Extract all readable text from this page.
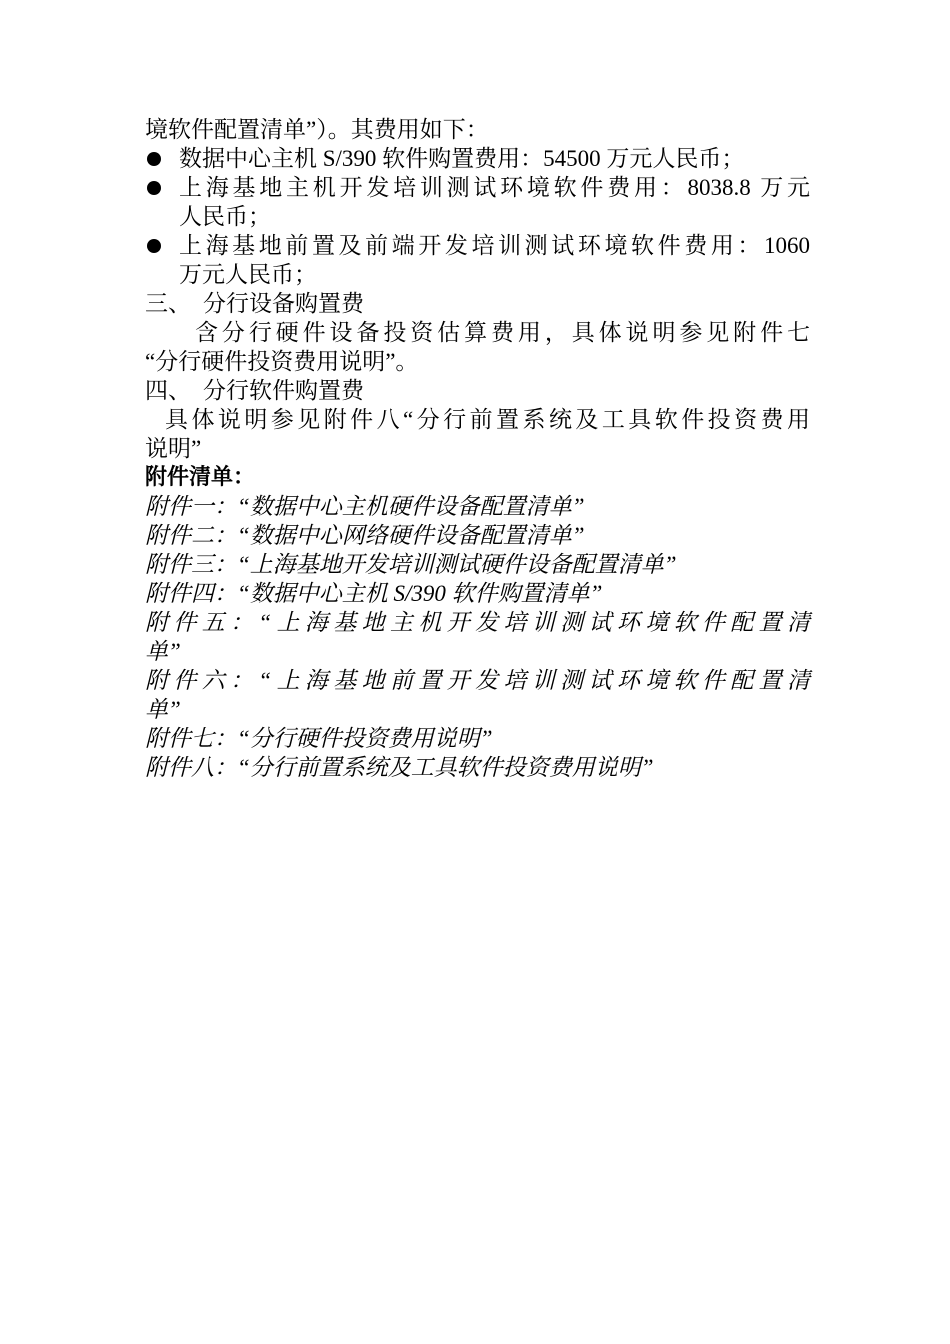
境软件配置清单”）。其费用如下：

数据中心主机 S/390 软件购置费用：54500 万元人民币；
上海基地主机开发培训测试环境软件费用：8038.8 万元
人民币；
上海基地前置及前端开发培训测试环境软件费用：1060
万元人民币；

三、 分行设备购置费

含分行硬件设备投资估算费用，具体说明参见附件七

“分行硬件投资费用说明”。

四、 分行软件购置费

具体说明参见附件八“分行前置系统及工具软件投资费用

说明”

附件清单：

附件一：“数据中心主机硬件设备配置清单”

附件二：“数据中心网络硬件设备配置清单”

附件三：“上海基地开发培训测试硬件设备配置清单”

附件四：“数据中心主机 S/390 软件购置清单”

附件五：“上海基地主机开发培训测试环境软件配置清

单”

附件六：“上海基地前置开发培训测试环境软件配置清

单”

附件七：“分行硬件投资费用说明”

附件八：“分行前置系统及工具软件投资费用说明”
